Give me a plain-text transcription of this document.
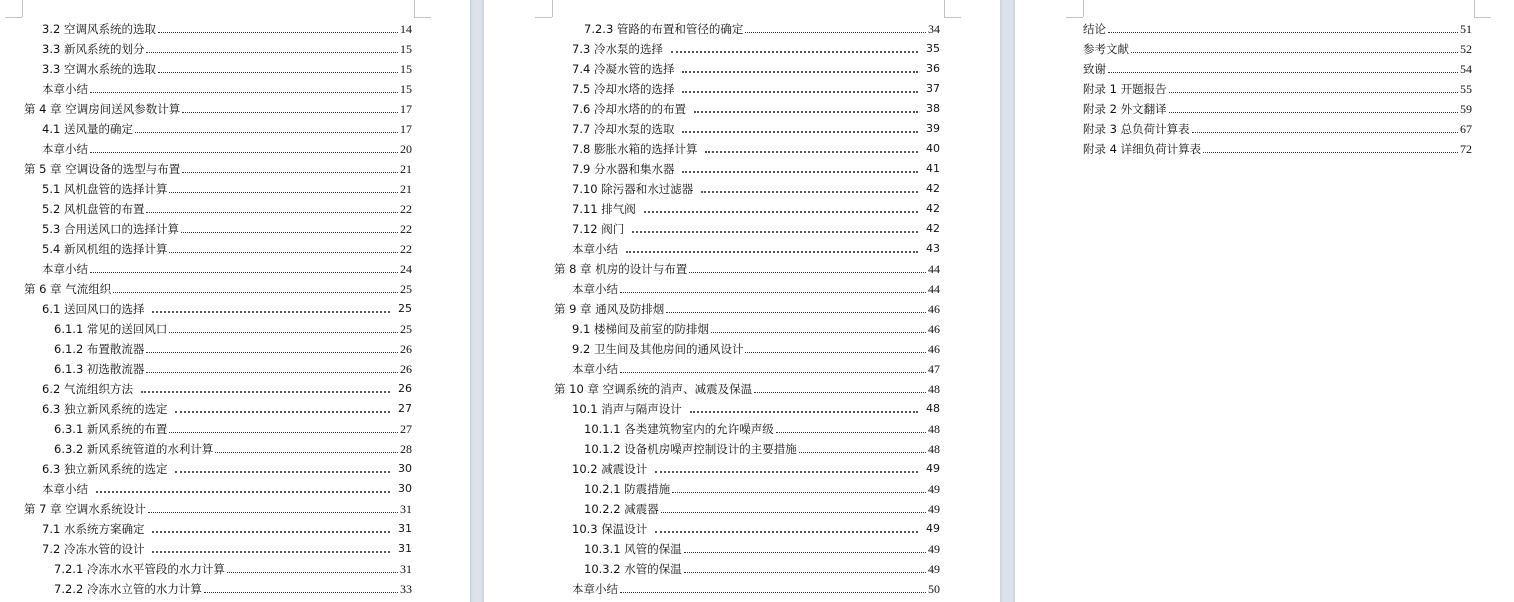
3.2 空调风系统的选取	14
3.3 新风系统的划分	15
3.3 空调水系统的选取	15
本章小结	15
第 4 章 空调房间送风参数计算	17
4.1 送风量的确定	17
本章小结	20
第 5 章 空调设备的选型与布置	21
5.1 风机盘管的选择计算	21
5.2 风机盘管的布置	22
5.3 合用送风口的选择计算	22
5.4 新风机组的选择计算	22
本章小结	24
第 6 章 气流组织	25
6.1 送回风口的选择	25
6.1.1 常见的送回风口	25
6.1.2 布置散流器	26
6.1.3 初选散流器	26
6.2 气流组织方法	26
6.3 独立新风系统的选定	27
6.3.1 新风系统的布置	27
6.3.2 新风系统管道的水利计算	28
6.3 独立新风系统的选定	30
本章小结	30
第 7 章 空调水系统设计	31
7.1 水系统方案确定	31
7.2 冷冻水管的设计	31
7.2.1 冷冻水水平管段的水力计算	31
7.2.2 冷冻水立管的水力计算	33
7.2.3 管路的布置和管径的确定	34
7.3 冷水泵的选择	35
7.4 冷凝水管的选择	36
7.5 冷却水塔的选择	37
7.6 冷却水塔的的布置	38
7.7 冷却水泵的选取	39
7.8 膨胀水箱的选择计算	40
7.9 分水器和集水器	41
7.10 除污器和水过滤器	42
7.11 排气阀	42
7.12 阀门	42
本章小结	43
第 8 章 机房的设计与布置	44
本章小结	44
第 9 章 通风及防排烟	46
9.1 楼梯间及前室的防排烟	46
9.2 卫生间及其他房间的通风设计	46
本章小结	47
第 10 章 空调系统的消声、减震及保温	48
10.1 消声与隔声设计	48
10.1.1 各类建筑物室内的允许噪声级	48
10.1.2 设备机房噪声控制设计的主要措施	48
10.2 减震设计	49
10.2.1 防震措施	49
10.2.2 减震器	49
10.3 保温设计	49
10.3.1 风管的保温	49
10.3.2 水管的保温	49
本章小结	50
结论	51
参考文献	52
致谢	54
附录 1 开题报告	55
附录 2 外文翻译	59
附录 3 总负荷计算表	67
附录 4 详细负荷计算表	72
